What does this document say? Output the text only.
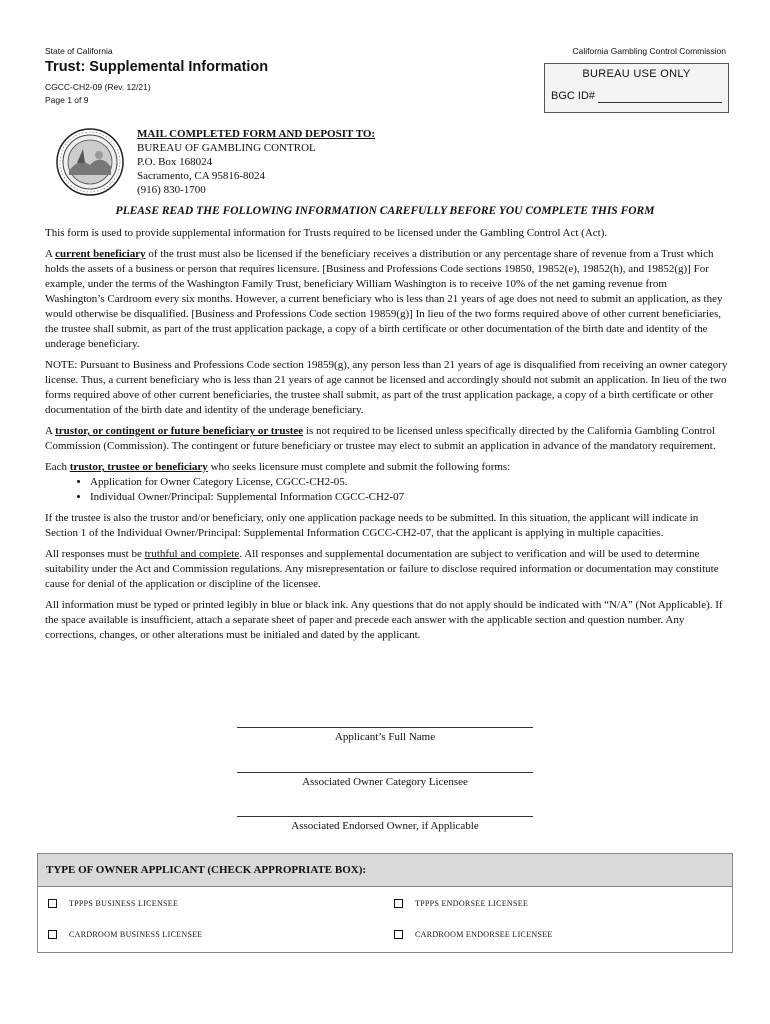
State of California	California Gambling Control Commission
Trust: Supplemental Information
CGCC-CH2-09 (Rev. 12/21)
Page 1 of 9
BUREAU USE ONLY
BGC ID#
MAIL COMPLETED FORM AND DEPOSIT TO:
BUREAU OF GAMBLING CONTROL
P.O. Box 168024
Sacramento, CA 95816-8024
(916) 830-1700
PLEASE READ THE FOLLOWING INFORMATION CAREFULLY BEFORE YOU COMPLETE THIS FORM

This form is used to provide supplemental information for Trusts required to be licensed under the Gambling Control Act (Act).

A current beneficiary of the trust must also be licensed if the beneficiary receives a distribution or any percentage share of revenue from a Trust which holds the assets of a business or person that requires licensure. [Business and Professions Code sections 19850, 19852(e), 19852(h), and 19852(g)] For example, under the terms of the Washington Family Trust, beneficiary William Washington is to receive 10% of the net gaming revenue from Washington’s Cardroom every six months. However, a current beneficiary who is less than 21 years of age does not need to submit an application, as they would otherwise be disqualified. [Business and Professions Code section 19859(g)] In lieu of the two forms required above of other current beneficiaries, the trustee shall submit, as part of the trust application package, a copy of a birth certificate or other documentation of the birth date and identity of the underage beneficiary.

NOTE: Pursuant to Business and Professions Code section 19859(g), any person less than 21 years of age is disqualified from receiving an owner category license. Thus, a current beneficiary who is less than 21 years of age cannot be licensed and accordingly should not submit an application. In lieu of the two forms required above of other current beneficiaries, the trustee shall submit, as part of the trust application package, a copy of a birth certificate or other documentation of the birth date and identity of the underage beneficiary.

A trustor, or contingent or future beneficiary or trustee is not required to be licensed unless specifically directed by the California Gambling Control Commission (Commission). The contingent or future beneficiary or trustee may elect to submit an application in advance of the mandatory requirement.

Each trustor, trustee or beneficiary who seeks licensure must complete and submit the following forms:

• Application for Owner Category License, CGCC-CH2-05.
• Individual Owner/Principal: Supplemental Information CGCC-CH2-07

If the trustee is also the trustor and/or beneficiary, only one application package needs to be submitted. In this situation, the applicant will indicate in Section 1 of the Individual Owner/Principal: Supplemental Information CGCC-CH2-07, that the applicant is applying in multiple capacities.

All responses must be truthful and complete. All responses and supplemental documentation are subject to verification and will be used to determine suitability under the Act and Commission regulations. Any misrepresentation or failure to disclose required information or documentation may constitute cause for denial of the application or discipline of the licensee.

All information must be typed or printed legibly in blue or black ink. Any questions that do not apply should be indicated with “N/A” (Not Applicable). If the space available is insufficient, attach a separate sheet of paper and precede each answer with the applicable section and question number. Any corrections, changes, or other alterations must be initialed and dated by the applicant.

Applicant’s Full Name
Associated Owner Category Licensee
Associated Endorsed Owner, if Applicable
TYPE OF OWNER APPLICANT (CHECK APPROPRIATE BOX):
TPPPS BUSINESS LICENSEE	TPPPS ENDORSEE LICENSEE
CARDROOM BUSINESS LICENSEE	CARDROOM ENDORSEE LICENSEE
